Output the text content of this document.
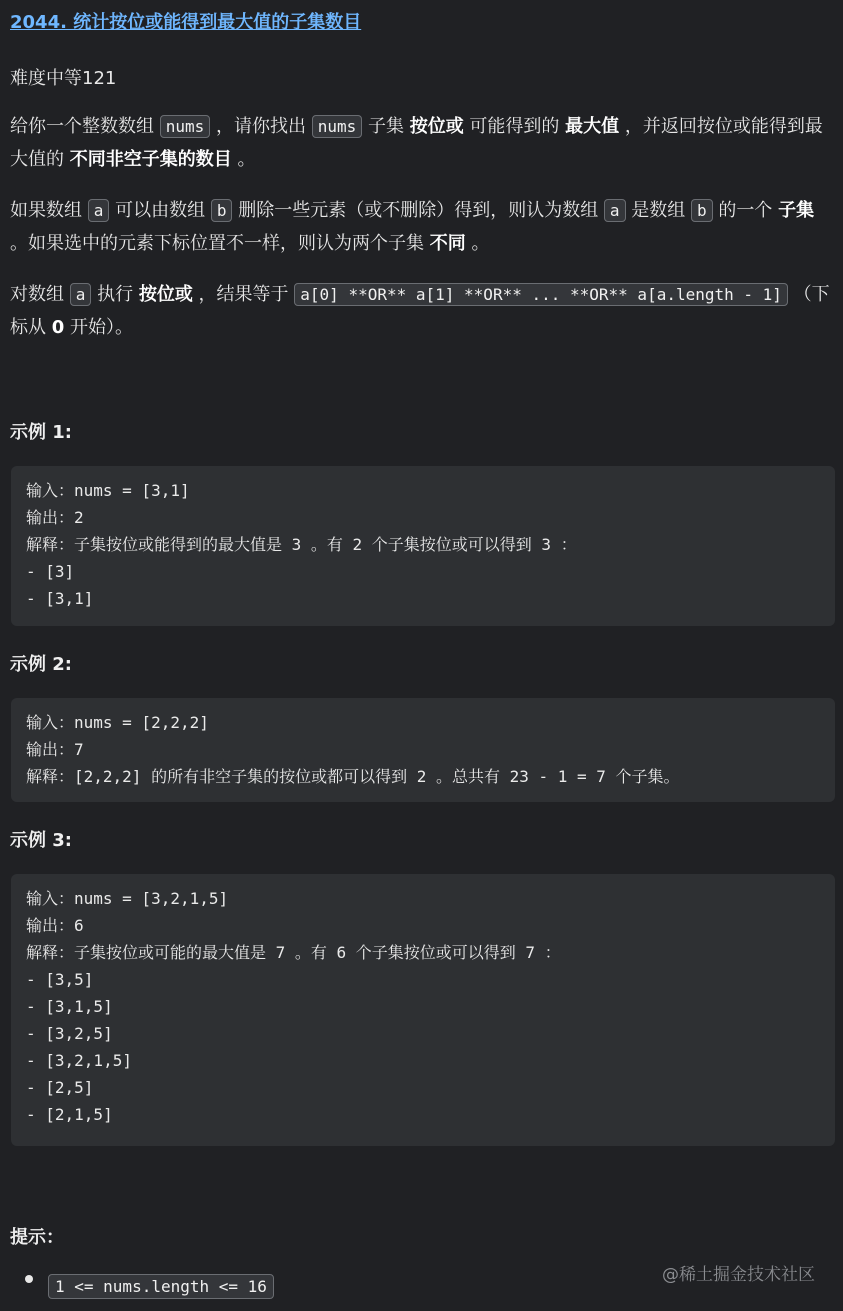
2044. 统计按位或能得到最大值的子集数目
难度中等121
给你一个整数数组 nums ，请你找出 nums 子集 按位或 可能得到的 最大值 ，并返回按位或能得到最大值的 不同非空子集的数目 。
如果数组 a 可以由数组 b 删除一些元素（或不删除）得到，则认为数组 a 是数组 b 的一个 子集 。如果选中的元素下标位置不一样，则认为两个子集 不同 。
对数组 a 执行 按位或 ，结果等于 a[0] **OR** a[1] **OR** ... **OR** a[a.length - 1] （下标从 0 开始）。
示例 1:
输入：nums = [3,1]
输出：2
解释：子集按位或能得到的最大值是 3 。有 2 个子集按位或可以得到 3 ：
- [3]
- [3,1]
示例 2:
输入：nums = [2,2,2]
输出：7
解释：[2,2,2] 的所有非空子集的按位或都可以得到 2 。总共有 23 - 1 = 7 个子集。
示例 3:
输入：nums = [3,2,1,5]
输出：6
解释：子集按位或可能的最大值是 7 。有 6 个子集按位或可以得到 7 ：
- [3,5]
- [3,1,5]
- [3,2,5]
- [3,2,1,5]
- [2,5]
- [2,1,5]
提示：
1 <= nums.length <= 16
@稀土掘金技术社区
